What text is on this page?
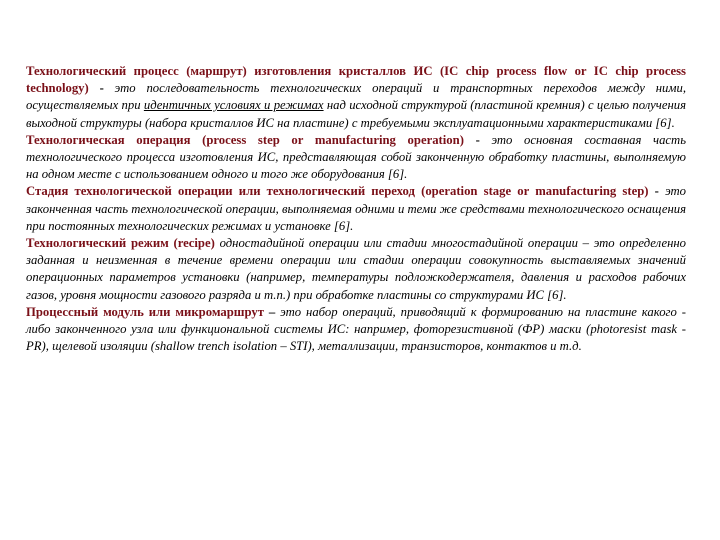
Технологический процесс (маршрут) изготовления кристаллов ИС (IC chip process flow or IC chip process technology) - это последовательность технологических операций и транспортных переходов между ними, осуществляемых при идентичных условиях и режимах над исходной структурой (пластиной кремния) с целью получения выходной структуры (набора кристаллов ИС на пластине) с требуемыми эксплуатационными характеристиками [6].

Технологическая операция (process step or manufacturing operation) - это основная составная часть технологического процесса изготовления ИС, представляющая собой законченную обработку пластины, выполняемую на одном месте с использованием одного и того же оборудования [6].

Стадия технологической операции или технологический переход (operation stage or manufacturing step) - это законченная часть технологической операции, выполняемая одними и теми же средствами технологического оснащения при постоянных технологических режимах и установке [6].

Технологический режим (recipe) одностадийной операции или стадии многостадийной операции – это определенно заданная и неизменная в течение времени операции или стадии операции совокупность выставляемых значений операционных параметров установки (например, температуры подложкодержателя, давления и расходов рабочих газов, уровня мощности газового разряда и т.п.) при обработке пластины со структурами ИС [6].

Процессный модуль или микромаршрут – это набор операций, приводящий к формированию на пластине какого - либо законченного узла или функциональной системы ИС: например, фоторезистивной (ФР) маски (photoresist mask - PR), щелевой изоляции (shallow trench isolation – STI), металлизации, транзисторов, контактов и т.д.
